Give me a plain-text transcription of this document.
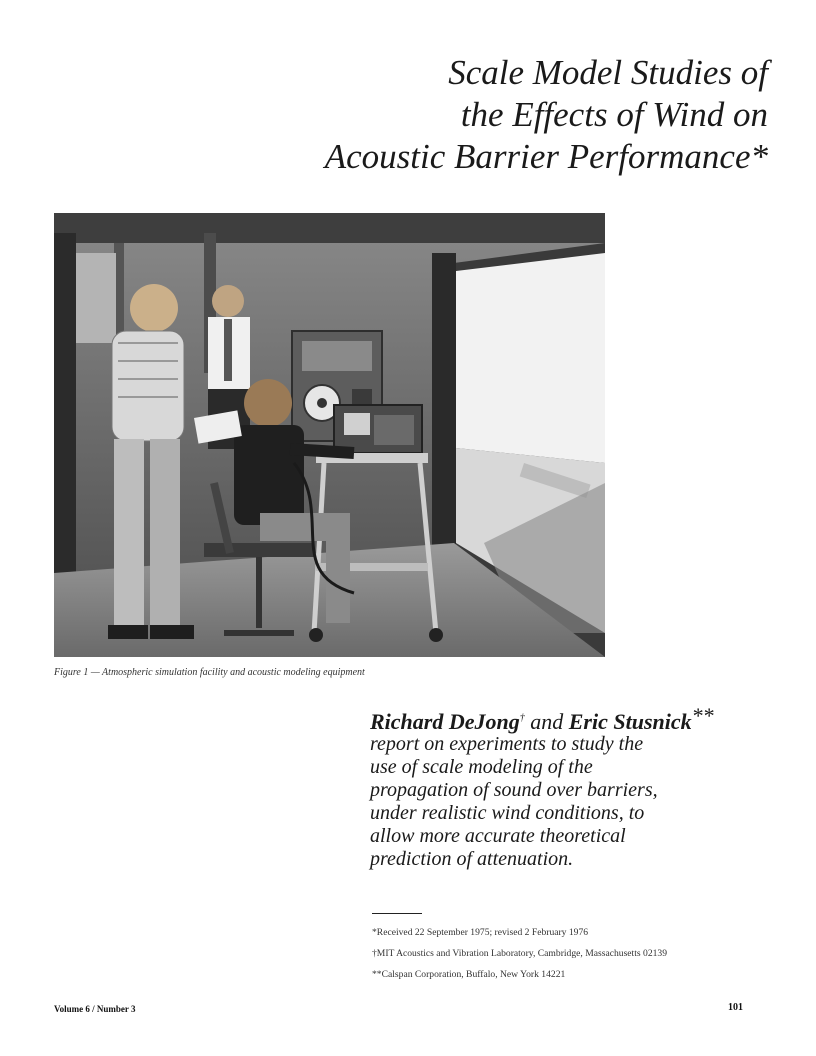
Scale Model Studies of
the Effects of Wind on
Acoustic Barrier Performance*
Figure 1 — Atmospheric simulation facility and acoustic modeling equipment
Richard DeJong† and Eric Stusnick**
report on experiments to study the
use of scale modeling of the
propagation of sound over barriers,
under realistic wind conditions, to
allow more accurate theoretical
prediction of attenuation.
*Received 22 September 1975; revised 2 February 1976
†MIT Acoustics and Vibration Laboratory, Cambridge, Massachusetts 02139
**Calspan Corporation, Buffalo, New York 14221
Volume 6 / Number 3	101
